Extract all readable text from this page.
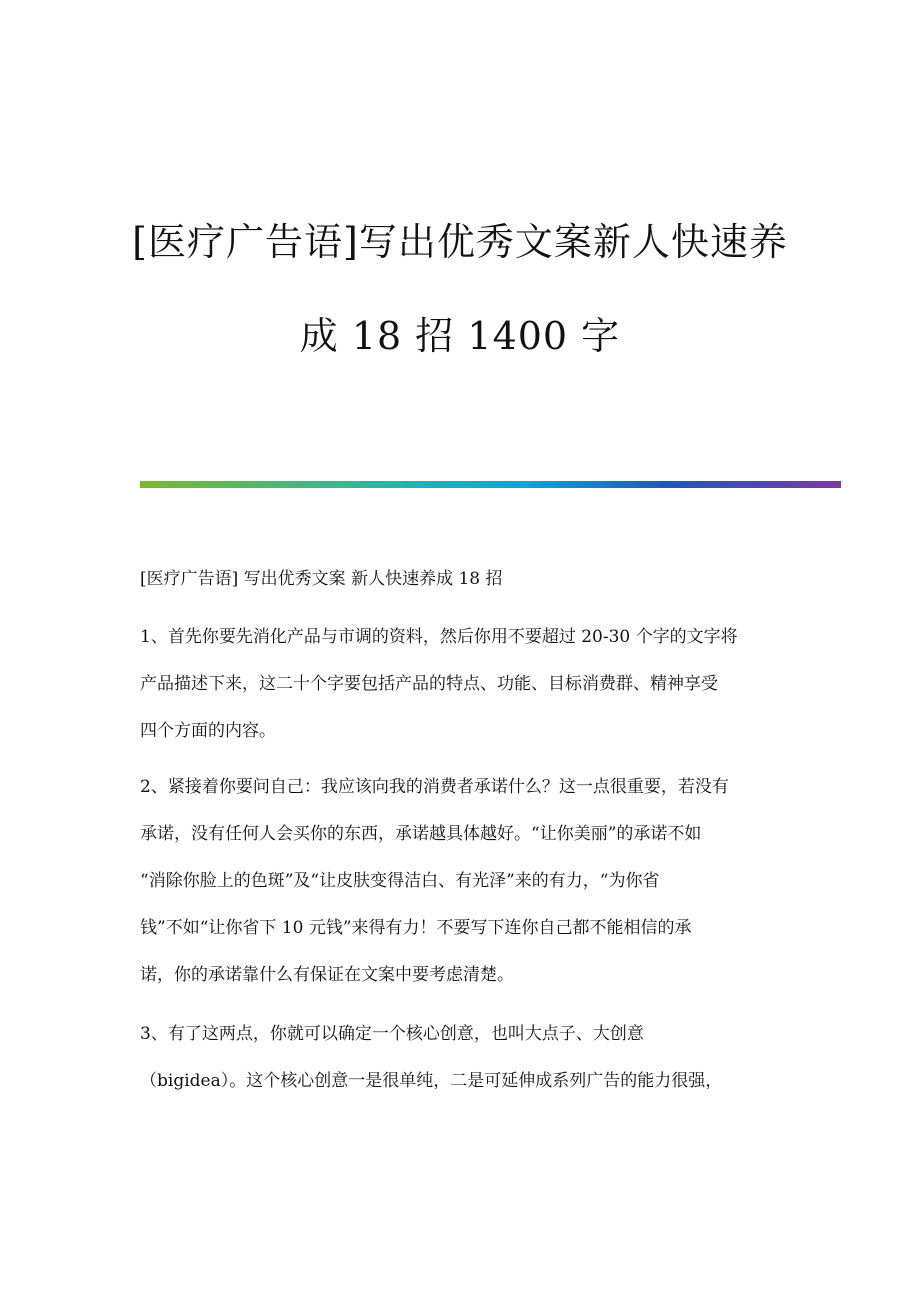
[医疗广告语]写出优秀文案新人快速养
成 18 招 1400 字

[医疗广告语] 写出优秀文案 新人快速养成 18 招

1、首先你要先消化产品与市调的资料，然后你用不要超过 20-30 个字的文字将

产品描述下来，这二十个字要包括产品的特点、功能、目标消费群、精神享受

四个方面的内容。

2、紧接着你要问自己：我应该向我的消费者承诺什么？这一点很重要，若没有

承诺，没有任何人会买你的东西，承诺越具体越好。“让你美丽”的承诺不如

“消除你脸上的色斑”及“让皮肤变得洁白、有光泽”来的有力，“为你省

钱”不如“让你省下 10 元钱”来得有力！不要写下连你自己都不能相信的承

诺，你的承诺靠什么有保证在文案中要考虑清楚。

3、有了这两点，你就可以确定一个核心创意，也叫大点子、大创意

（bigidea）。这个核心创意一是很单纯，二是可延伸成系列广告的能力很强，
